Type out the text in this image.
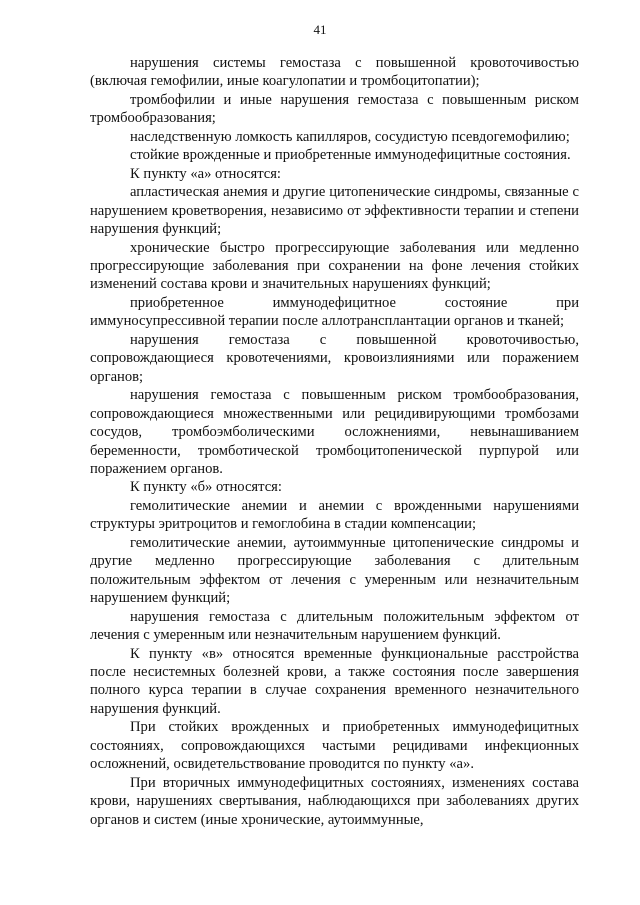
41

нарушения системы гемостаза с повышенной кровоточивостью (включая гемофилии, иные коагулопатии и тромбоцитопатии);

тромбофилии и иные нарушения гемостаза с повышенным риском тромбообразования;

наследственную ломкость капилляров, сосудистую псевдогемофилию;

стойкие врожденные и приобретенные иммунодефицитные состояния.

К пункту «а» относятся:

апластическая анемия и другие цитопенические синдромы, связанные с нарушением кроветворения, независимо от эффективности терапии и степени нарушения функций;

хронические быстро прогрессирующие заболевания или медленно прогрессирующие заболевания при сохранении на фоне лечения стойких изменений состава крови и значительных нарушениях функций;

приобретенное иммунодефицитное состояние при иммуносупрессивной терапии после аллотрансплантации органов и тканей;

нарушения гемостаза с повышенной кровоточивостью, сопровождающиеся кровотечениями, кровоизлияниями или поражением органов;

нарушения гемостаза с повышенным риском тромбообразования, сопровождающиеся множественными или рецидивирующими тромбозами сосудов, тромбоэмболическими осложнениями, невынашиванием беременности, тромботической тромбоцитопенической пурпурой или поражением органов.

К пункту «б» относятся:

гемолитические анемии и анемии с врожденными нарушениями структуры эритроцитов и гемоглобина в стадии компенсации;

гемолитические анемии, аутоиммунные цитопенические синдромы и другие медленно прогрессирующие заболевания с длительным положительным эффектом от лечения с умеренным или незначительным нарушением функций;

нарушения гемостаза с длительным положительным эффектом от лечения с умеренным или незначительным нарушением функций.

К пункту «в» относятся временные функциональные расстройства после несистемных болезней крови, а также состояния после завершения полного курса терапии в случае сохранения временного незначительного нарушения функций.

При стойких врожденных и приобретенных иммунодефицитных состояниях, сопровождающихся частыми рецидивами инфекционных осложнений, освидетельствование проводится по пункту «а».

При вторичных иммунодефицитных состояниях, изменениях состава крови, нарушениях свертывания, наблюдающихся при заболеваниях других органов и систем (иные хронические, аутоиммунные,
